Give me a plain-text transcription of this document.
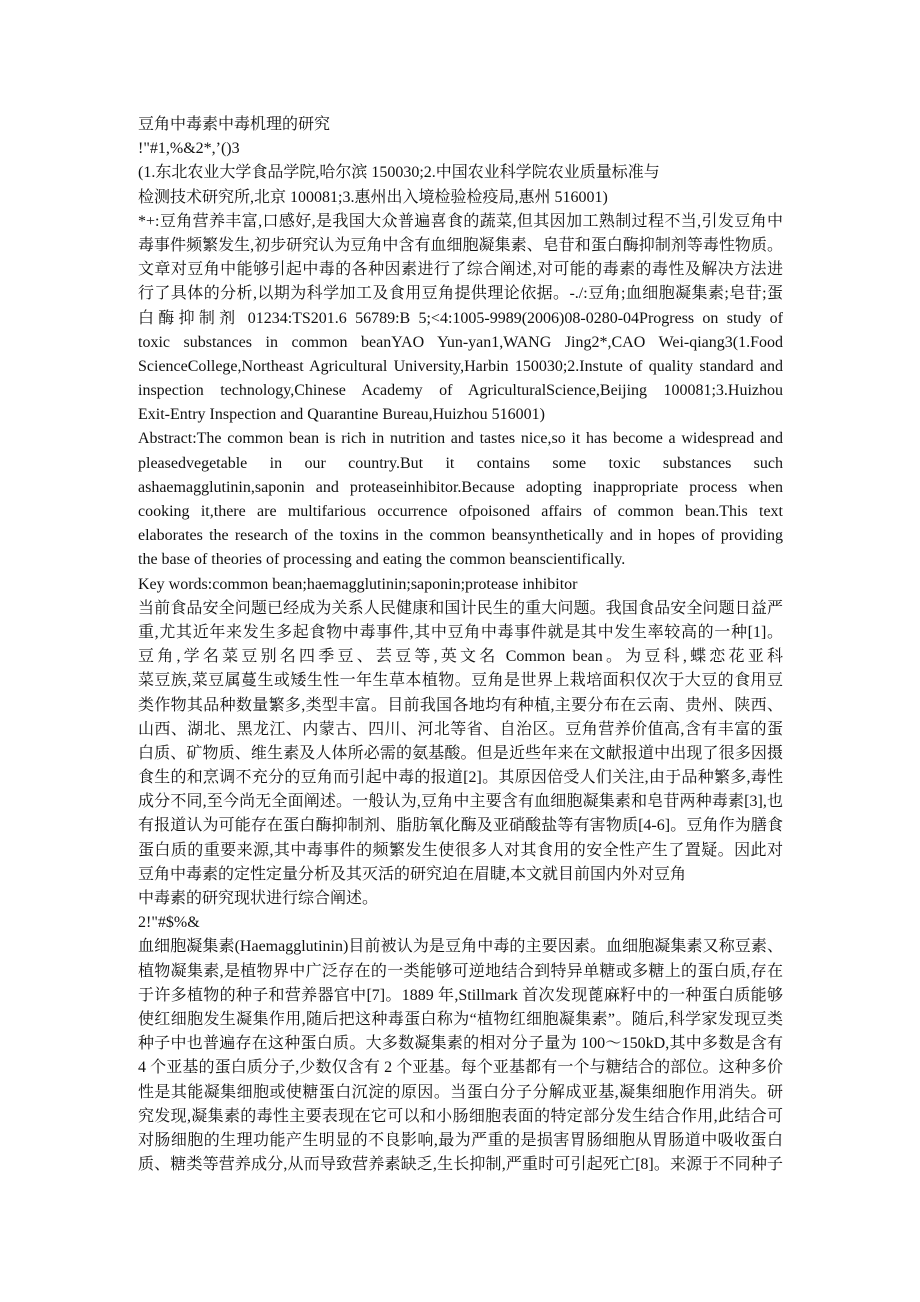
豆角中毒素中毒机理的研究
!"#1,%&2*,’()3
(1.东北农业大学食品学院,哈尔滨 150030;2.中国农业科学院农业质量标准与
检测技术研究所,北京 100081;3.惠州出入境检验检疫局,惠州 516001)
*+:豆角营养丰富,口感好,是我国大众普遍喜食的蔬菜,但其因加工熟制过程不当,引发豆角中
毒事件频繁发生,初步研究认为豆角中含有血细胞凝集素、皂苷和蛋白酶抑制剂等毒性物质。
文章对豆角中能够引起中毒的各种因素进行了综合阐述,对可能的毒素的毒性及解决方法进
行了具体的分析,以期为科学加工及食用豆角提供理论依据。-./:豆角;血细胞凝集素;皂苷;蛋
白酶抑制剂 01234:TS201.6 56789:B 5;<4:1005-9989(2006)08-0280-04Progress on study of
toxic substances in common beanYAO Yun-yan1,WANG Jing2*,CAO Wei-qiang3(1.Food
ScienceCollege,Northeast Agricultural University,Harbin 150030;2.Instute of quality standard and
inspection technology,Chinese Academy of AgriculturalScience,Beijing 100081;3.Huizhou
Exit-Entry Inspection and Quarantine Bureau,Huizhou 516001)
Abstract:The common bean is rich in nutrition and tastes nice,so it has become a widespread and
pleasedvegetable in our country.But it contains some toxic substances such
ashaemagglutinin,saponin and proteaseinhibitor.Because adopting inappropriate process when
cooking it,there are multifarious occurrence ofpoisoned affairs of common bean.This text
elaborates the research of the toxins in the common beansynthetically and in hopes of providing
the base of theories of processing and eating the common beanscientifically.
Key words:common bean;haemagglutinin;saponin;protease inhibitor
当前食品安全问题已经成为关系人民健康和国计民生的重大问题。我国食品安全问题日益严
重,尤其近年来发生多起食物中毒事件,其中豆角中毒事件就是其中发生率较高的一种[1]。
豆角,学名菜豆别名四季豆、芸豆等,英文名 Common bean。为豆科,蝶恋花亚科
菜豆族,菜豆属蔓生或矮生性一年生草本植物。豆角是世界上栽培面积仅次于大豆的食用豆
类作物其品种数量繁多,类型丰富。目前我国各地均有种植,主要分布在云南、贵州、陕西、
山西、湖北、黑龙江、内蒙古、四川、河北等省、自治区。豆角营养价值高,含有丰富的蛋
白质、矿物质、维生素及人体所必需的氨基酸。但是近些年来在文献报道中出现了很多因摄
食生的和烹调不充分的豆角而引起中毒的报道[2]。其原因倍受人们关注,由于品种繁多,毒性
成分不同,至今尚无全面阐述。一般认为,豆角中主要含有血细胞凝集素和皂苷两种毒素[3],也
有报道认为可能存在蛋白酶抑制剂、脂肪氧化酶及亚硝酸盐等有害物质[4-6]。豆角作为膳食
蛋白质的重要来源,其中毒事件的频繁发生使很多人对其食用的安全性产生了置疑。因此对
豆角中毒素的定性定量分析及其灭活的研究迫在眉睫,本文就目前国内外对豆角
中毒素的研究现状进行综合阐述。
2!"#$%&
血细胞凝集素(Haemagglutinin)目前被认为是豆角中毒的主要因素。血细胞凝集素又称豆素、
植物凝集素,是植物界中广泛存在的一类能够可逆地结合到特异单糖或多糖上的蛋白质,存在
于许多植物的种子和营养器官中[7]。1889 年,Stillmark 首次发现蓖麻籽中的一种蛋白质能够
使红细胞发生凝集作用,随后把这种毒蛋白称为“植物红细胞凝集素”。随后,科学家发现豆类
种子中也普遍存在这种蛋白质。大多数凝集素的相对分子量为 100～150kD,其中多数是含有
4 个亚基的蛋白质分子,少数仅含有 2 个亚基。每个亚基都有一个与糖结合的部位。这种多价
性是其能凝集细胞或使糖蛋白沉淀的原因。当蛋白分子分解成亚基,凝集细胞作用消失。研
究发现,凝集素的毒性主要表现在它可以和小肠细胞表面的特定部分发生结合作用,此结合可
对肠细胞的生理功能产生明显的不良影响,最为严重的是损害胃肠细胞从胃肠道中吸收蛋白
质、糖类等营养成分,从而导致营养素缺乏,生长抑制,严重时可引起死亡[8]。来源于不同种子
